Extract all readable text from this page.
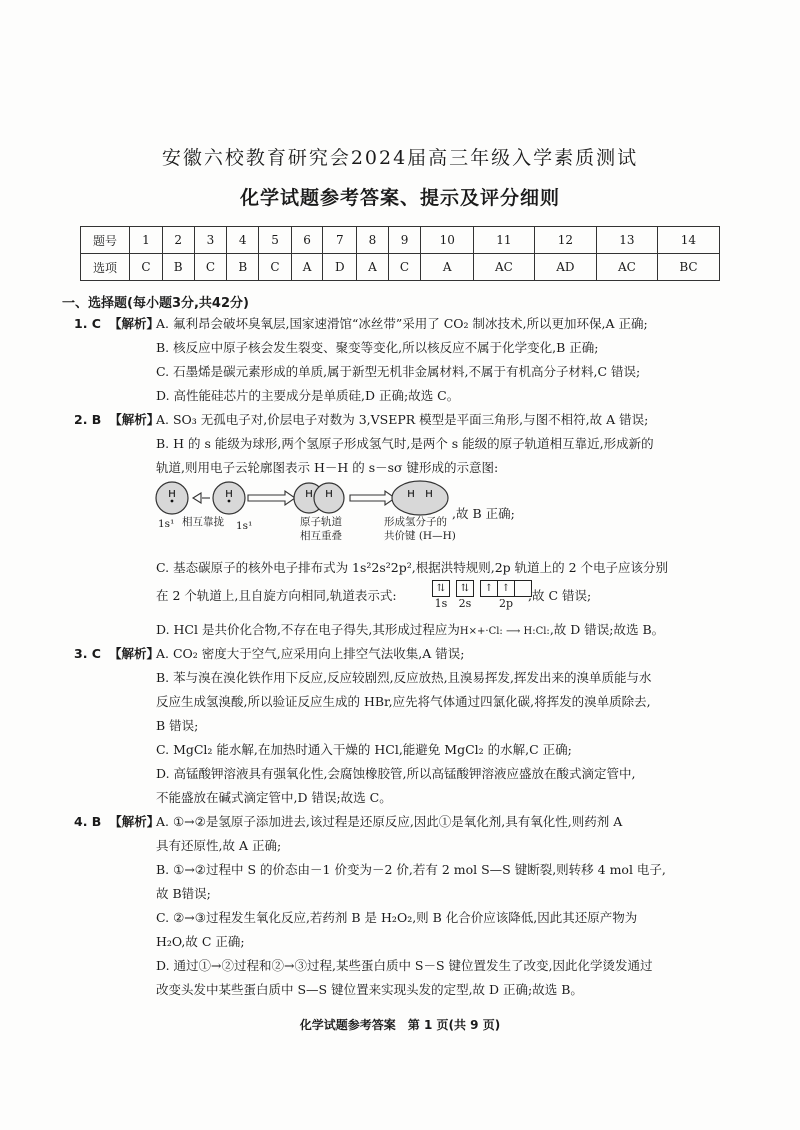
安徽六校教育研究会2024届高三年级入学素质测试
化学试题参考答案、提示及评分细则
题号	1	2	3	4	5	6	7	8	9	10	11	12	13	14
选项	C	B	C	B	C	A	D	A	C	A	AC	AD	AC	BC
一、选择题(每小题3分,共42分)
1. C 【解析】
A. 氟利昂会破坏臭氧层,国家速滑馆“冰丝带”采用了 CO₂ 制冰技术,所以更加环保,A 正确;
B. 核反应中原子核会发生裂变、聚变等变化,所以核反应不属于化学变化,B 正确;
C. 石墨烯是碳元素形成的单质,属于新型无机非金属材料,不属于有机高分子材料,C 错误;
D. 高性能硅芯片的主要成分是单质硅,D 正确;故选 C。
2. B 【解析】
A. SO₃ 无孤电子对,价层电子对数为 3,VSEPR 模型是平面三角形,与图不相符,故 A 错误;
B. H 的 s 能级为球形,两个氢原子形成氢气时,是两个 s 能级的原子轨道相互靠近,形成新的
轨道,则用电子云轮廓图表示 H－H 的 s－sσ 键形成的示意图:
H	H	H H	H H
1s¹ 相互靠拢 1s¹	原子轨道
相互重叠
形成氢分子的
共价键 (H—H)
,故 B 正确;
C. 基态碳原子的核外电子排布式为 1s²2s²2p²,根据洪特规则,2p 轨道上的 2 个电子应该分别
在 2 个轨道上,且自旋方向相同,轨道表示式:	⇅
1s
⇅
2s
↑ ↑
2p
,故 C 错误;
D. HCl 是共价化合物,不存在电子得失,其形成过程应为H×+·Cl: ⟶ H:Cl:,故 D 错误;故选 B。
3. C 【解析】
A. CO₂ 密度大于空气,应采用向上排空气法收集,A 错误;
B. 苯与溴在溴化铁作用下反应,反应较剧烈,反应放热,且溴易挥发,挥发出来的溴单质能与水
反应生成氢溴酸,所以验证反应生成的 HBr,应先将气体通过四氯化碳,将挥发的溴单质除去,
B 错误;
C. MgCl₂ 能水解,在加热时通入干燥的 HCl,能避免 MgCl₂ 的水解,C 正确;
D. 高锰酸钾溶液具有强氧化性,会腐蚀橡胶管,所以高锰酸钾溶液应盛放在酸式滴定管中,
不能盛放在碱式滴定管中,D 错误;故选 C。
4. B 【解析】
A. ①→②是氢原子添加进去,该过程是还原反应,因此①是氧化剂,具有氧化性,则药剂 A
具有还原性,故 A 正确;
B. ①→②过程中 S 的价态由－1 价变为－2 价,若有 2 mol S—S 键断裂,则转移 4 mol 电子,
故 B错误;
C. ②→③过程发生氧化反应,若药剂 B 是 H₂O₂,则 B 化合价应该降低,因此其还原产物为
H₂O,故 C 正确;
D. 通过①→②过程和②→③过程,某些蛋白质中 S－S 键位置发生了改变,因此化学烫发通过
改变头发中某些蛋白质中 S—S 键位置来实现头发的定型,故 D 正确;故选 B。
化学试题参考答案　第 1 页(共 9 页)
